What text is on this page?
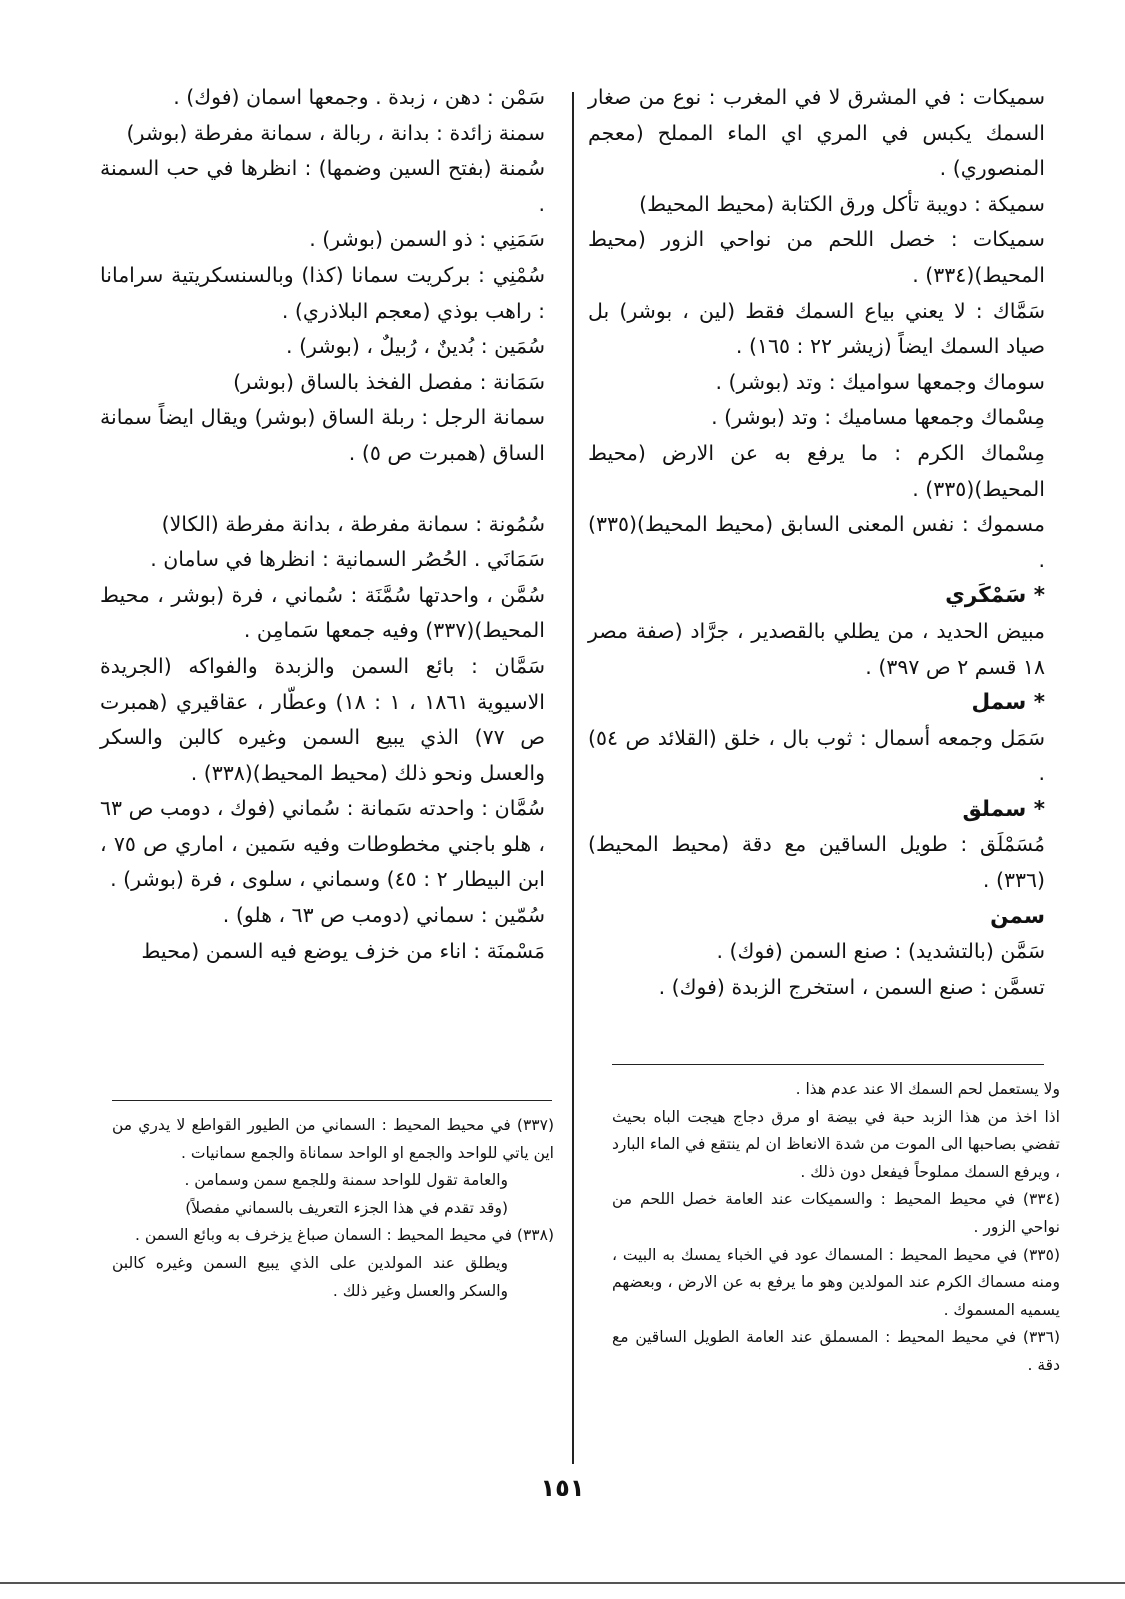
سميكات : في المشرق لا في المغرب : نوع من صغار السمك يكبس في المري اي الماء المملح (معجم المنصوري) .

سميكة : دويبة تأكل ورق الكتابة (محيط المحيط)

سميكات : خصل اللحم من نواحي الزور (محيط المحيط)(٣٣٤) .

سَمَّاك : لا يعني بياع السمك فقط (لين ، بوشر) بل صياد السمك ايضاً (زيشر ٢٢ : ١٦٥) .

سوماك وجمعها سواميك : وتد (بوشر) .

مِسْماك وجمعها مساميك : وتد (بوشر) .

مِسْماك الكرم : ما يرفع به عن الارض (محيط المحيط)(٣٣٥) .

مسموك : نفس المعنى السابق (محيط المحيط)(٣٣٥) .

* سَمْكَري

مبيض الحديد ، من يطلي بالقصدير ، جرَّاد (صفة مصر ١٨ قسم ٢ ص ٣٩٧) .

* سمل

سَمَل وجمعه أسمال : ثوب بال ، خلق (القلائد ص ٥٤) .

* سملق

مُسَمْلَق : طويل الساقين مع دقة (محيط المحيط)(٣٣٦) .

سمن

سَمَّن (بالتشديد) : صنع السمن (فوك) .

تسمَّن : صنع السمن ، استخرج الزبدة (فوك) .

سَمْن : دهن ، زبدة . وجمعها اسمان (فوك) .

سمنة زائدة : بدانة ، ربالة ، سمانة مفرطة (بوشر)

سُمنة (بفتح السين وضمها) : انظرها في حب السمنة .

سَمَنِي : ذو السمن (بوشر) .

سُمْنِي : بركريت سمانا (كذا) وبالسنسكريتية سرامانا : راهب بوذي (معجم البلاذري) .

سُمَين : بُدينٌ ، رُبيلٌ ، (بوشر) .

سَمَانة : مفصل الفخذ بالساق (بوشر)

سمانة الرجل : ربلة الساق (بوشر) ويقال ايضاً سمانة الساق (همبرت ص ٥) .

سُمُونة : سمانة مفرطة ، بدانة مفرطة (الكالا)

سَمَانَي . الحُصُر السمانية : انظرها في سامان .

سُمَّن ، واحدتها سُمَّنَة : سُماني ، فرة (بوشر ، محيط المحيط)(٣٣٧) وفيه جمعها سَمامِن .

سَمَّان : بائع السمن والزبدة والفواكه (الجريدة الاسيوية ١٨٦١ ، ١ : ١٨) وعطّار ، عقاقيري (همبرت ص ٧٧) الذي يبيع السمن وغيره كالبن والسكر والعسل ونحو ذلك (محيط المحيط)(٣٣٨) .

سُمَّان : واحدته سَمانة : سُماني (فوك ، دومب ص ٦٣ ، هلو باجني مخطوطات وفيه سَمين ، اماري ص ٧٥ ، ابن البيطار ٢ : ٤٥) وسماني ، سلوى ، فرة (بوشر) .

سُمّين : سماني (دومب ص ٦٣ ، هلو) .

مَسْمنَة : اناء من خزف يوضع فيه السمن (محيط

ولا يستعمل لحم السمك الا عند عدم هذا .

اذا اخذ من هذا الزبد حبة في بيضة او مرق دجاج هيجت الباه بحيث تفضي بصاحبها الى الموت من شدة الانعاظ ان لم ينتقع في الماء البارد ، ويرفع السمك مملوحاً فيفعل دون ذلك .

(٣٣٤) في محيط المحيط : والسميكات عند العامة خصل اللحم من نواحي الزور .

(٣٣٥) في محيط المحيط : المسماك عود في الخباء يمسك به البيت ، ومنه مسماك الكرم عند المولدين وهو ما يرفع به عن الارض ، وبعضهم يسميه المسموك .

(٣٣٦) في محيط المحيط : المسملق عند العامة الطويل الساقين مع دقة .

(٣٣٧) في محيط المحيط : السماني من الطيور القواطع لا يدري من اين ياتي للواحد والجمع او الواحد سماناة والجمع سمانيات .

والعامة تقول للواحد سمنة وللجمع سمن وسمامن .

(وقد تقدم في هذا الجزء التعريف بالسماني مفصلاً)

(٣٣٨) في محيط المحيط : السمان صباغ يزخرف به وبائع السمن .

ويطلق عند المولدين على الذي يبيع السمن وغيره كالبن والسكر والعسل وغير ذلك .

١٥١
